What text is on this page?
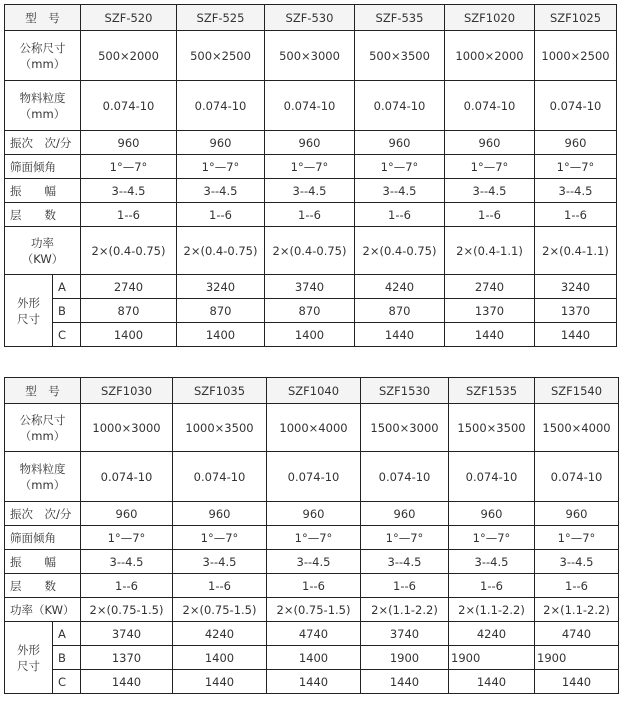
型　号		SZF-520	SZF-525	SZF-530	SZF-535	SZF1020	SZF1025

公称尺寸
（mm）		500×2000	500×2500	500×3000	500×3500	1000×2000	1000×2500

物料粒度
（mm）		0.074-10	0.074-10	0.074-10	0.074-10	0.074-10	0.074-10
振次　次/分		960	960	960	960	960	960
筛面倾角		1°—7°	1°—7°	1°—7°	1°—7°	1°—7°	1°—7°
振　　幅		3--4.5	3--4.5	3--4.5	3--4.5	3--4.5	3--4.5
层　　数		1--6	1--6	1--6	1--6	1--6	1--6

功率
（KW）		2×(0.4-0.75)	2×(0.4-0.75)	2×(0.4-0.75)	2×(0.4-0.75)	2×(0.4-1.1)	2×(0.4-1.1)

外形
尺寸	A	2740	3240	3740	4240	2740	3240
	B	870	870	870	870	1370	1370
	C	1400	1400	1400	1440	1440	1440
型　号		SZF1030	SZF1035	SZF1040	SZF1530	SZF1535	SZF1540

公称尺寸
（mm）		1000×3000	1000×3500	1000×4000	1500×3000	1500×3500	1500×4000

物料粒度
（mm）		0.074-10	0.074-10	0.074-10	0.074-10	0.074-10	0.074-10
振次　次/分		960	960	960	960	960	960
筛面倾角		1°—7°	1°—7°	1°—7°	1°—7°	1°—7°	1°—7°
振　　幅		3--4.5	3--4.5	3--4.5	3--4.5	3--4.5	3--4.5
层　　数		1--6	1--6	1--6	1--6	1--6	1--6
功率（KW）		2×(0.75-1.5)	2×(0.75-1.5)	2×(0.75-1.5)	2×(1.1-2.2)	2×(1.1-2.2)	2×(1.1-2.2)

外形
尺寸	A	3740	4240	4740	3740	4240	4740
	B	1370	1400	1400	1900	1900	1900
	C	1440	1440	1440	1440	1440	1440
